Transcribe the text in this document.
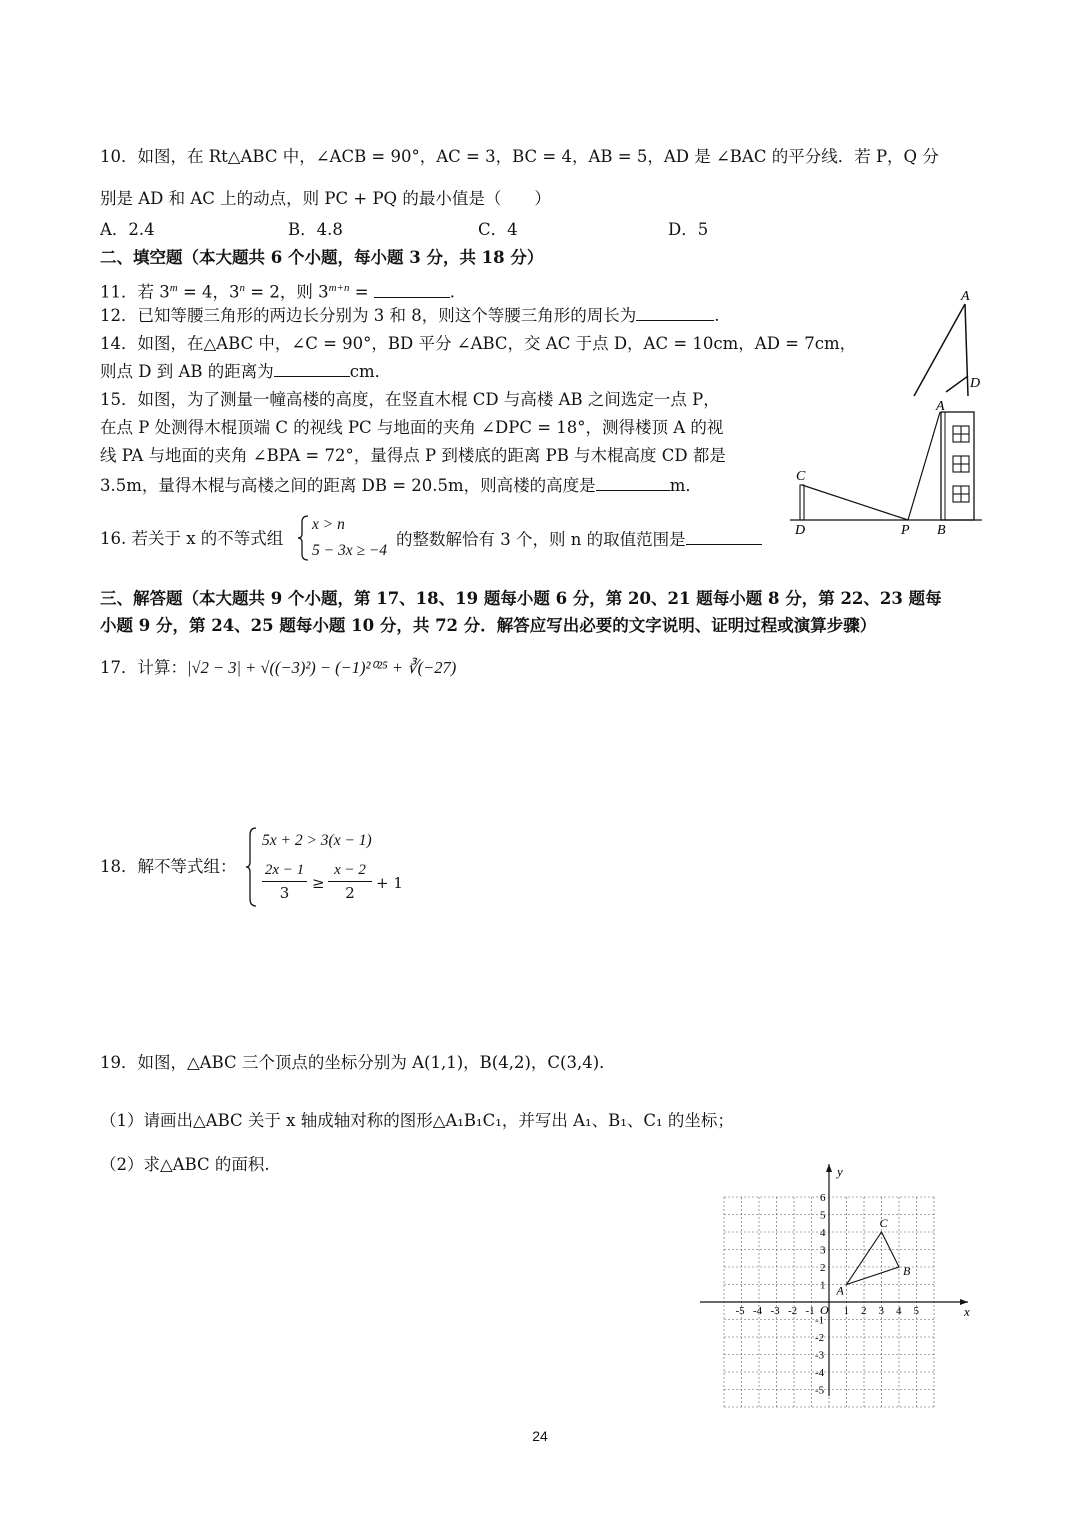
10．如图，在 Rt△ABC 中，∠ACB = 90°，AC = 3，BC = 4，AB = 5，AD 是 ∠BAC 的平分线．若 P，Q 分
别是 AD 和 AC 上的动点，则 PC + PQ 的最小值是（　　）
A．2.4	B．4.8	C．4	D．5
二、填空题（本大题共 6 个小题，每小题 3 分，共 18 分）
11．若 $3^m = 4$，$3^n = 2$，则 $3^{m+n}$ =	.
12．已知等腰三角形的两边长分别为 3 和 8，则这个等腰三角形的周长为	.
14．如图，在△ABC 中，∠C = 90°，BD 平分 ∠ABC，交 AC 于点 D，AC = 10cm，AD = 7cm，
则点 D 到 AB 的距离为	cm．
15．如图，为了测量一幢高楼的高度，在竖直木棍 CD 与高楼 AB 之间选定一点 P，
在点 P 处测得木棍顶端 C 的视线 PC 与地面的夹角 ∠DPC = 18°，测得楼顶 A 的视
线 PA 与地面的夹角 ∠BPA = 72°，量得点 P 到楼底的距离 PB 与木棍高度 CD 都是
3.5m，量得木棍与高楼之间的距离 DB = 20.5m，则高楼的高度是	m．
16. 若关于 x 的不等式组
x > n
5 − 3x ≥ −4
的整数解恰有 3 个，则 n 的取值范围是
三、解答题（本大题共 9 个小题，第 17、18、19 题每小题 6 分，第 20、21 题每小题 8 分，第 22、23 题每
小题 9 分，第 24、25 题每小题 10 分，共 72 分．解答应写出必要的文字说明、证明过程或演算步骤）
17．计算：|√2 − 3| + √((−3)²) − (−1)²⁰²⁵ + ∛(−27)
18．解不等式组：
5x + 2 > 3(x − 1)
2x − 1
3
≥
x − 2
2
+ 1
19．如图，△ABC 三个顶点的坐标分别为 A(1,1)，B(4,2)，C(3,4)．
（1）请画出△ABC 关于 x 轴成轴对称的图形△A₁B₁C₁，并写出 A₁、B₁、C₁ 的坐标；
（2）求△ABC 的面积.
A
D
C
D	P B
A
x
y
O
-5 -4 -3 -2 -1	1 2 3 4 5
6
5
4
3
2
1
-1
-2
-3
-4
-5
A
B
C
24
